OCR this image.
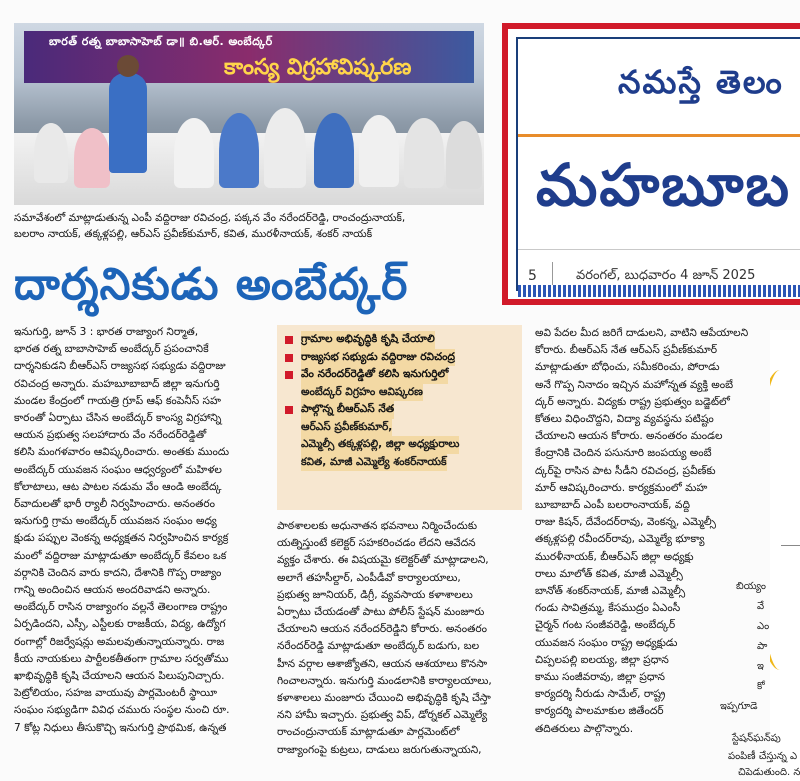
బారత్ రత్న బాబాసాహెబ్ డా॥ బి.ఆర్. అంబేద్కర్
కాంస్య విగ్రహావిష్కరణ
సమావేశంలో మాట్లాడుతున్న ఎంపీ వద్దిరాజు రవిచంద్ర, పక్కన వేం నరేందర్‌రెడ్డి, రాంచంద్రునాయక్,
బలరాం నాయక్, తక్కళ్లపల్లి, ఆర్ఎస్ ప్రవీణ్‌కుమార్, కవిత, మురళీనాయక్, శంకర్ నాయక్
దార్శనికుడు అంబేద్కర్
నమస్తే తెలం
మహబూబ
5	వరంగల్, బుధవారం 4 జూన్ 2025

ఇనుగుర్తి, జూన్ 3 : భారత రాజ్యాంగ నిర్మాత,

భారత రత్న బాబాసాహెబ్ అంబేద్కర్ ప్రపంచానికే

దార్శనికుడని బీఆర్ఎస్ రాజ్యసభ సభ్యుడు వద్దిరాజు

రవిచంద్ర అన్నారు. మహబూబాబాద్ జిల్లా ఇనుగుర్తి

మండల కేంద్రంలో గాయత్రి గ్రూప్ ఆఫ్ కంపెనీస్ సహ

కారంతో ఏర్పాటు చేసిన అంబేద్కర్ కాంస్య విగ్రహాన్ని

ఆయన ప్రభుత్వ సలహాదారు వేం నరేందర్‌రెడ్డితో

కలిసి మంగళవారం ఆవిష్కరించారు. అంతకు ముందు

అంబేద్కర్ యువజన సంఘం ఆధ్వర్యంలో మహిళల

కోలాటాలు, ఆట పాటల నడుమ వేం ఆండి అంబేద్క

ర్‌వాదులతో భారీ ర్యాలీ నిర్వహించారు. అనంతరం

ఇనుగుర్తి గ్రామ అంబేద్కర్ యువజన సంఘం అధ్య

క్షుడు పప్పుల వెంకన్న అధ్యక్షతన నిర్వహించిన కార్యక్ర

మంలో వద్దిరాజు మాట్లాడుతూ అంబేద్కర్ కేవలం ఒక

వర్గానికి చెందిన వారు కాదని, దేశానికి గొప్ప రాజ్యాం

గాన్ని అందించిన ఆయన అందరివాడని అన్నారు.

అంబేద్కర్ రాసిన రాజ్యాంగం వల్లనే తెలంగాణ రాష్ట్రం

ఏర్పడిందని, ఎస్సీ, ఎస్టీలకు రాజకీయ, విద్య, ఉద్యోగ

రంగాల్లో రిజర్వేషన్లు అమలవుతున్నాయన్నారు. రాజ

కీయ నాయకులు పార్టీలకతీతంగా గ్రామాల సర్వతోము

ఖాభివృద్ధికి కృషి చేయాలని ఆయన పిలుపునిచ్చారు.

పెట్రోలియం, సహజ వాయువు పార్లమెంటరీ స్థాయీ

సంఘం సభ్యుడిగా వివిధ చమురు సంస్థల నుంచి రూ.

7 కోట్ల నిధులు తీసుకొచ్చి ఇనుగుర్తి ప్రాథమిక, ఉన్నత

గ్రామాల అభివృద్ధికి కృషి చేయాలి
రాజ్యసభ సభ్యుడు వద్దిరాజు రవిచంద్ర
వేం నరేందర్‌రెడ్డితో కలిసి ఇనుగుర్తిలో
అంబేద్కర్ విగ్రహం ఆవిష్కరణ
పాల్గొన్న బీఆర్ఎస్ నేత
ఆర్ఎస్ ప్రవీణ్‌కుమార్,
ఎమ్మెల్సీ తక్కళ్లపల్లి, జిల్లా అధ్యక్షురాలు
కవిత, మాజీ ఎమ్మెల్యే శంకర్‌నాయక్

పాఠశాలలకు అధునాతన భవనాలు నిర్మించేందుకు

యత్నిస్తుంటే కలెక్టర్ సహకరించడం లేదని ఆవేదన

వ్యక్తం చేశారు. ఈ విషయమై కలెక్టర్‌తో మాట్లాడాలని,

అలాగే తహసీల్దార్, ఎంపీడీవో కార్యాలయాలు,

ప్రభుత్వ జూనియర్, డిగ్రీ, వ్యవసాయ కళాశాలలు

ఏర్పాటు చేయడంతో పాటు పోలీస్ స్టేషన్ మంజూరు

చేయాలని ఆయన నరేందర్‌రెడ్డిని కోరారు. అనంతరం

నరేందర్‌రెడ్డి మాట్లాడుతూ అంబేద్కర్ బడుగు, బల

హీన వర్గాల ఆశాజ్యోతని, ఆయన ఆశయాలు కొనసా

గించాలన్నారు. ఇనుగుర్తి మండలానికి కార్యాలయాలు,

కళాశాలలు మంజూరు చేయించి అభివృద్ధికి కృషి చేస్తా

నని హామీ ఇచ్చారు. ప్రభుత్వ విప్, డోర్నకల్ ఎమ్మెల్యే

రాంచంద్రునాయక్ మాట్లాడుతూ పార్లమెంట్‌లో

రాజ్యాంగంపై కుట్రలు, దాడులు జరుగుతున్నాయని,

అవి పేదల మీద జరిగే దాడులని, వాటిని ఆపేయాలని

కోరారు. బీఆర్ఎస్ నేత ఆర్ఎస్ ప్రవీణ్‌కుమార్

మాట్లాడుతూ బోధించు, సమీకరించు, పోరాడు

అనే గొప్ప నినాదం ఇచ్చిన మహోన్నత వ్యక్తి అంబే

ద్కర్ అన్నారు. విద్యకు రాష్ట్ర ప్రభుత్వం బడ్జెట్‌లో

కోతలు విధించొద్దని, విద్యా వ్యవస్థను పటిష్టం

చేయాలని ఆయన కోరారు. అనంతరం మండల

కేంద్రానికి చెందిన పసునూరి జంపయ్య అంబే

ద్కర్‌పై రాసిన పాట సీడీని రవిచంద్ర, ప్రవీణ్‌కు

మార్ ఆవిష్కరించారు. కార్యక్రమంలో మహ

బూబాబాద్ ఎంపీ బలరాంనాయక్, వద్ది

రాజు కిషన్, దేవేందర్‌రావు, వెంకన్న, ఎమ్మెల్సీ

తక్కళ్లపల్లి రవీందర్‌రావు, ఎమ్మెల్యే భూక్యా

మురళీనాయక్, బీఆర్ఎస్ జిల్లా అధ్యక్షు

రాలు మాలోత్ కవిత, మాజీ ఎమ్మెల్సీ

బానోత్ శంకర్‌నాయక్, మాజీ ఎమ్మెల్సీ

గండు సావిత్రమ్మ, కేసముద్రం ఏఎంసీ

చైర్మన్ గంట సంజీవరెడ్డి, అంబేద్కర్

యువజన సంఘం రాష్ట్ర అధ్యక్షుడు

చిప్పలపల్లి ఐలయ్య, జిల్లా ప్రధాన

కాము సంజీవరావు, జిల్లా ప్రధాన

కార్యదర్శి నీరుడు సామేల్, రాష్ట్ర

కార్యదర్శి పాలమాకుల జితేందర్

తదితరులు పాల్గొన్నారు.

బియ్యం
వే
ఎం
పా
ఇ
కో
ఇప్పగూడె
స్టేషన్‌ఘన్‌పు
పంపిణీ చేస్తున్న ఎ
చిపెడుతుంది. న
